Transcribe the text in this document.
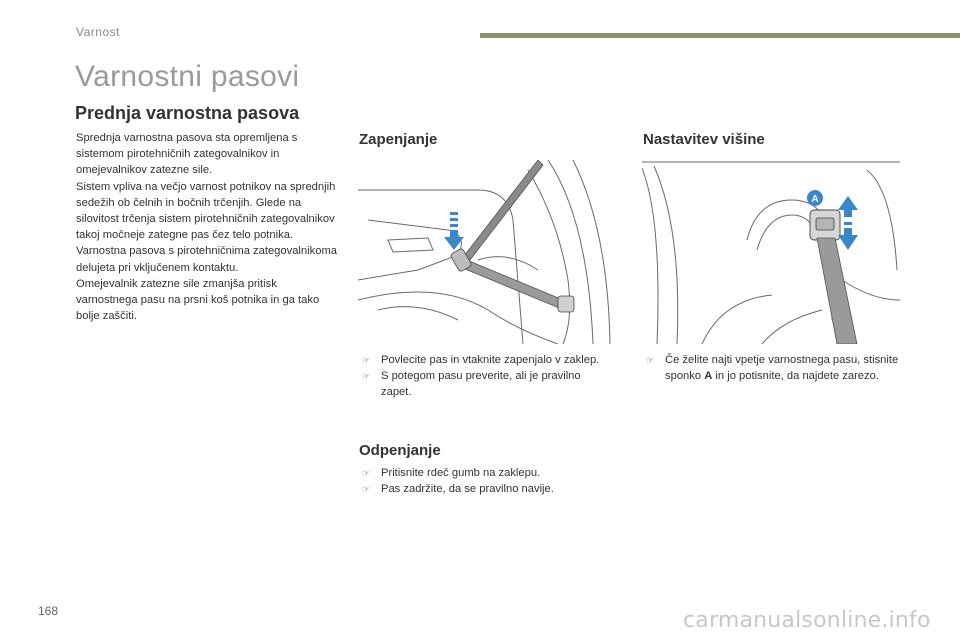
Varnost
Varnostni pasovi
Prednja varnostna pasova

Sprednja varnostna pasova sta opremljena s sistemom pirotehničnih zategovalnikov in omejevalnikov zatezne sile.

Sistem vpliva na večjo varnost potnikov na sprednjih sedežih ob čelnih in bočnih trčenjih. Glede na silovitost trčenja sistem pirotehničnih zategovalnikov takoj močneje zategne pas čez telo potnika.

Varnostna pasova s pirotehničnima zategovalnikoma delujeta pri vključenem kontaktu.

Omejevalnik zatezne sile zmanjša pritisk varnostnega pasu na prsni koš potnika in ga tako bolje zaščiti.

Zapenjanje
☞ Povlecite pas in vtaknite zapenjalo v zaklep.
☞ S potegom pasu preverite, ali je pravilno zapet.
Odpenjanje
☞ Pritisnite rdeč gumb na zaklepu.
☞ Pas zadržite, da se pravilno navije.
Nastavitev višine
A
☞ Če želite najti vpetje varnostnega pasu, stisnite sponko A in jo potisnite, da najdete zarezo.
168	carmanualsonline.info
